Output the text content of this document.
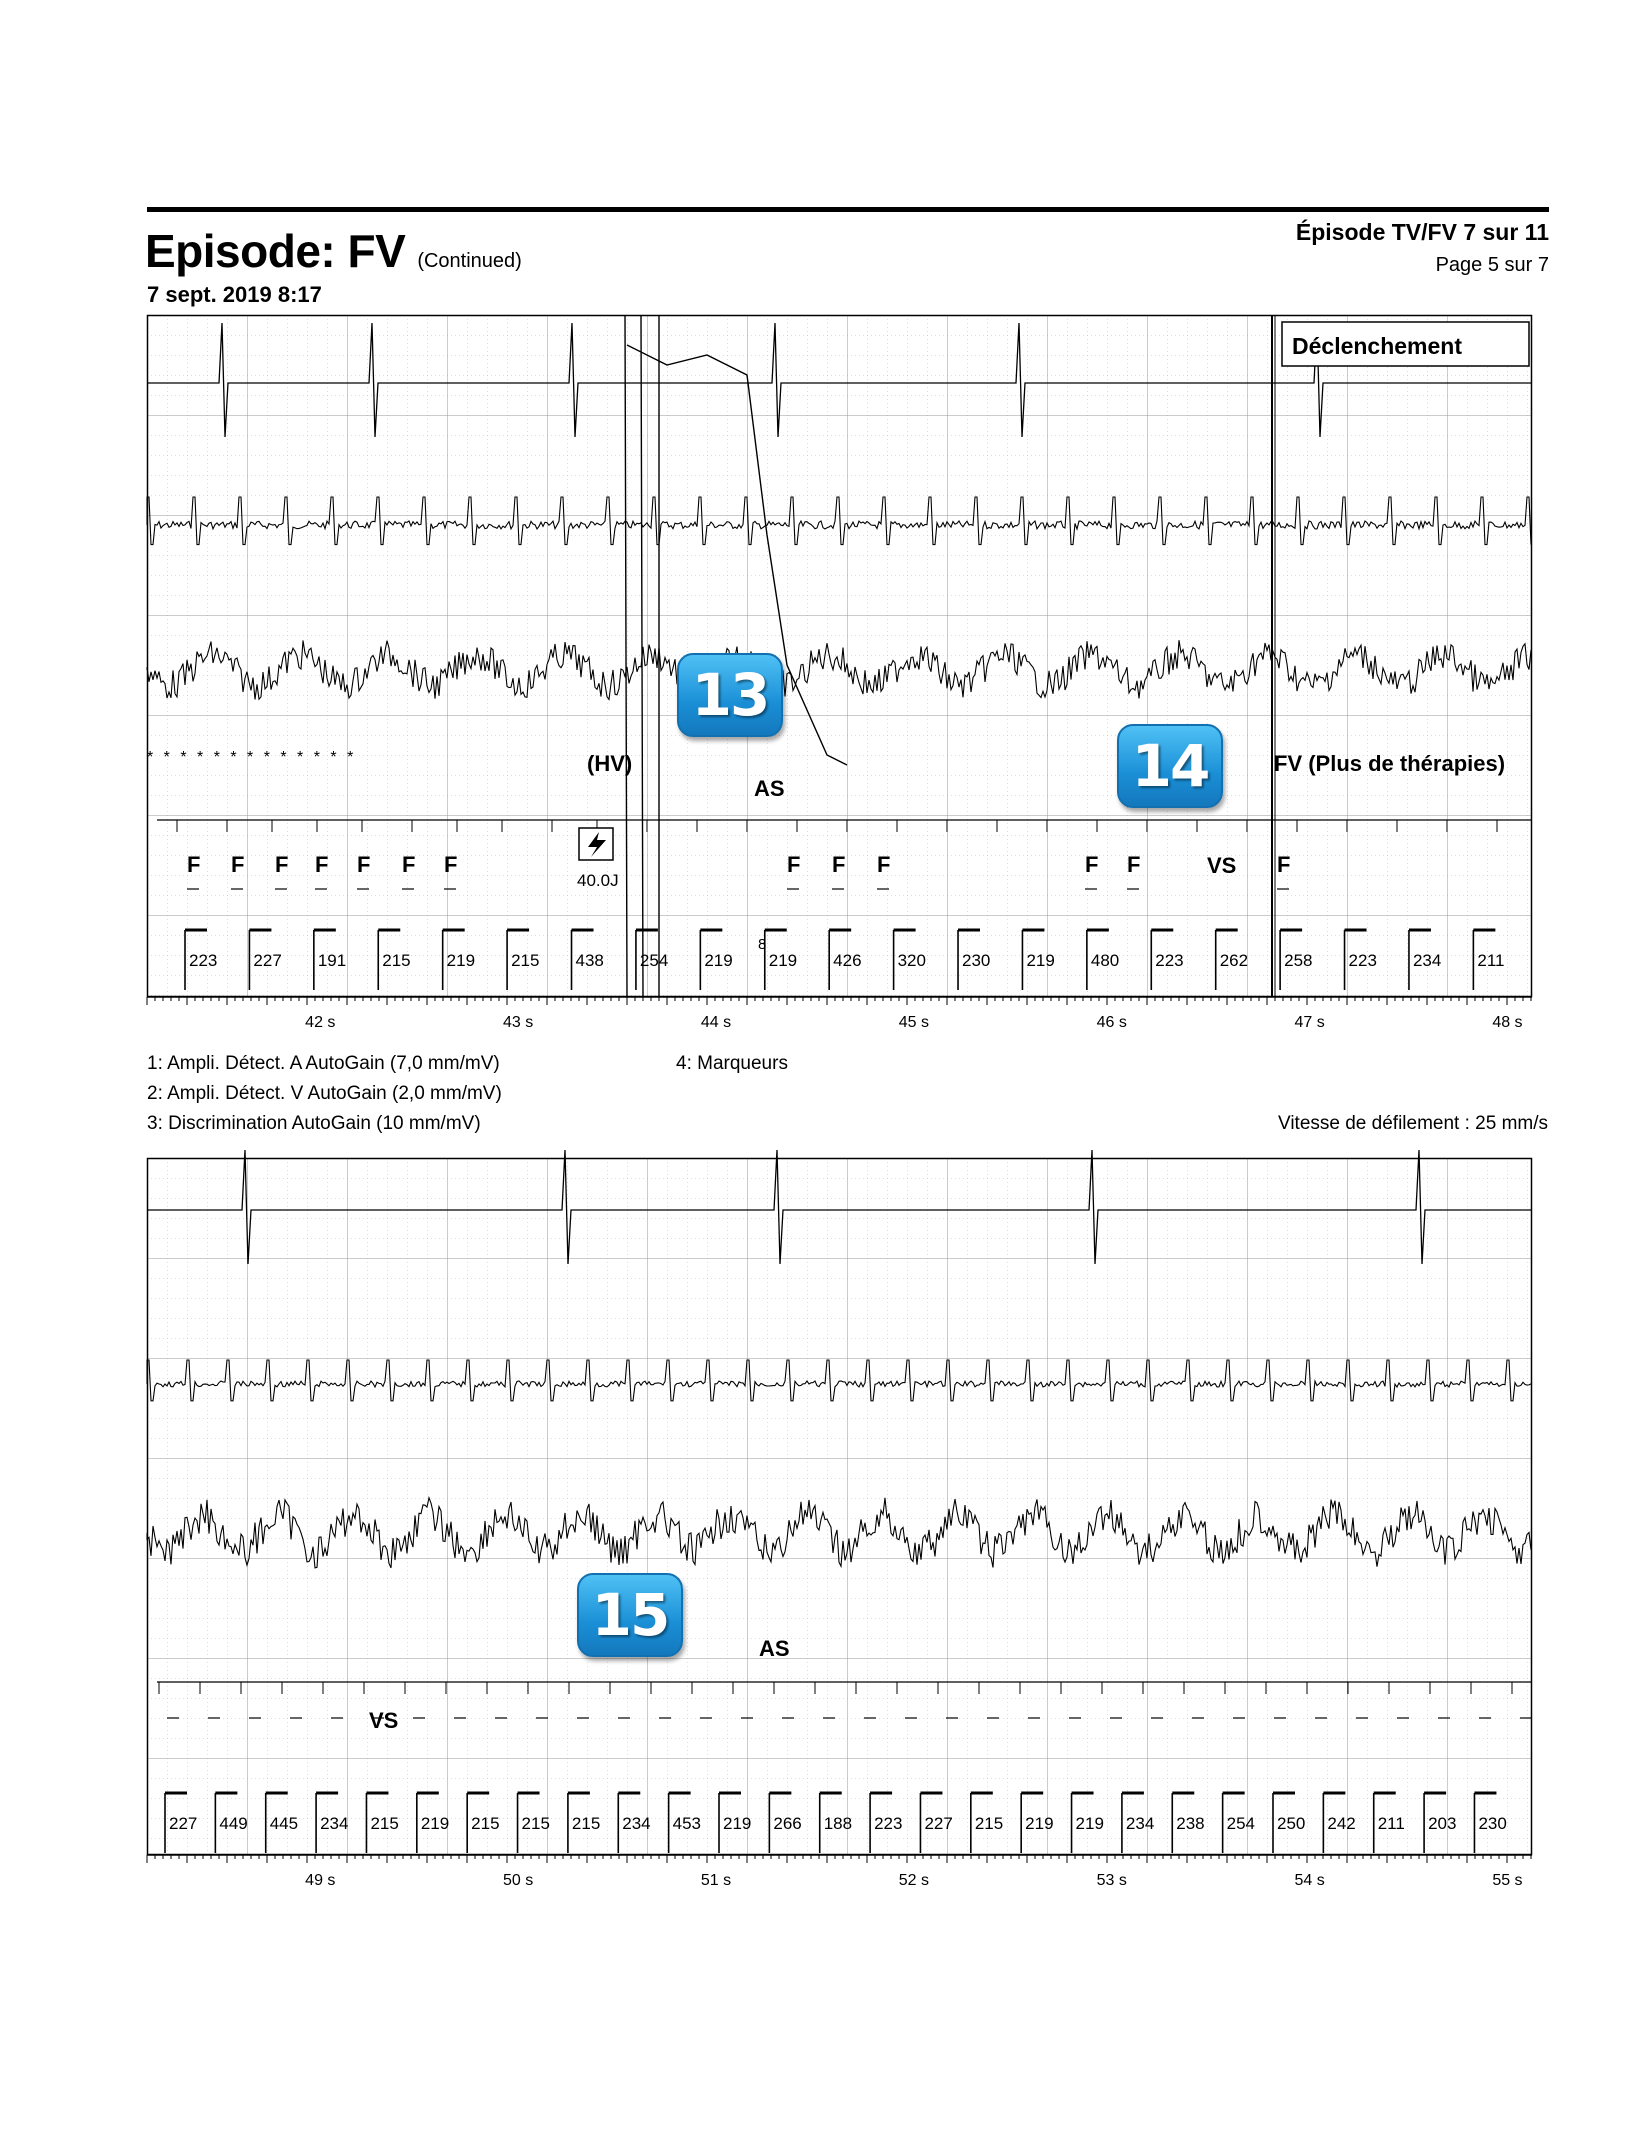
Episode: FV (Continued)
7 sept. 2019 8:17
Épisode TV/FV 7 sur 11
Page 5 sur 7
F F F F F F F	F F F	F F	F
223 227 191 215 219 215 438 254 219 219 426 320 230 219 480 223 262 258 223 234 211
42 s	43 s	44 s	45 s	46 s	47 s	48 s
Déclenchement
* * * * * * * * * * * * *	(HV)
AS
FV (Plus de thérapies)
40.0J
VS
8
1: Ampli. Détect. A AutoGain (7,0 mm/mV)
2: Ampli. Détect. V AutoGain (2,0 mm/mV)
3: Discrimination AutoGain (10 mm/mV)
4: Marqueurs
Vitesse de défilement : 25 mm/s
227 449 445 234 215 219 215 215 215 234 453 219 266 188 223 227 215 219 219 234 238 254 250 242 211 203 230
49 s	50 s	51 s	52 s	53 s	54 s	55 s
AS
VS
13
14
15
